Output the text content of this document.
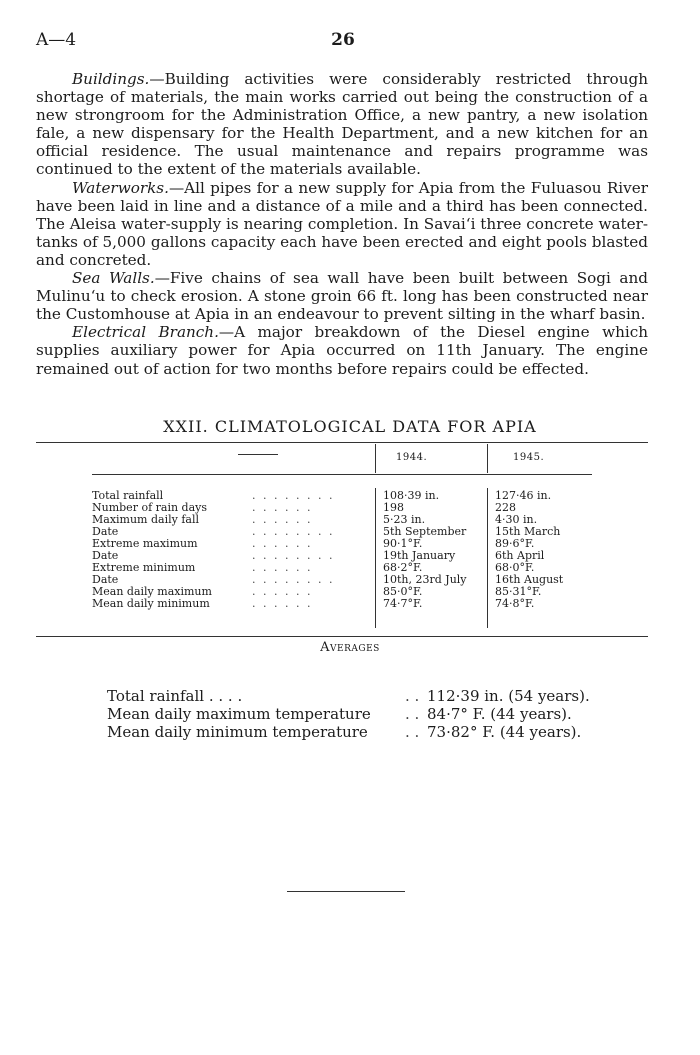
A—4	26

Buildings.—Building activities were considerably restricted through shortage of materials, the main works carried out being the construction of a new strongroom for the Administration Office, a new pantry, a new isolation fale, a new dispensary for the Health Department, and a new kitchen for an official residence. The usual maintenance and repairs programme was continued to the extent of the materials available.

Waterworks.—All pipes for a new supply for Apia from the Fuluasou River have been laid in line and a distance of a mile and a third has been connected. The Aleisa water-supply is nearing completion. In Savai‘i three concrete water-tanks of 5,000 gallons capacity each have been erected and eight pools blasted and concreted.

Sea Walls.—Five chains of sea wall have been built between Sogi and Mulinu‘u to check erosion. A stone groin 66 ft. long has been constructed near the Customhouse at Apia in an endeavour to prevent silting in the wharf basin.

Electrical Branch.—A major breakdown of the Diesel engine which supplies auxiliary power for Apia occurred on 11th January. The engine remained out of action for two months before repairs could be effected.

XXII. CLIMATOLOGICAL DATA FOR APIA
1944.	1945.
Total rainfall	. . . . . . . .	108·39 in.	127·46 in.
Number of rain days	. . . . . .	198	228
Maximum daily fall	. . . . . .	5·23 in.	4·30 in.
Date	. . . . . . . .	5th September	15th March
Extreme maximum	. . . . . .	90·1°F.	89·6°F.
Date	. . . . . . . .	19th January	6th April
Extreme minimum	. . . . . .	68·2°F.	68·0°F.
Date	. . . . . . . .	10th, 23rd July	16th August
Mean daily maximum	. . . . . .	85·0°F.	85·31°F.
Mean daily minimum	. . . . . .	74·7°F.	74·8°F.
Averages
Total rainfall . . . .	. . 112·39 in. (54 years).
Mean daily maximum temperature . . 84·7° F. (44 years).
Mean daily minimum temperature . . 73·82° F. (44 years).
